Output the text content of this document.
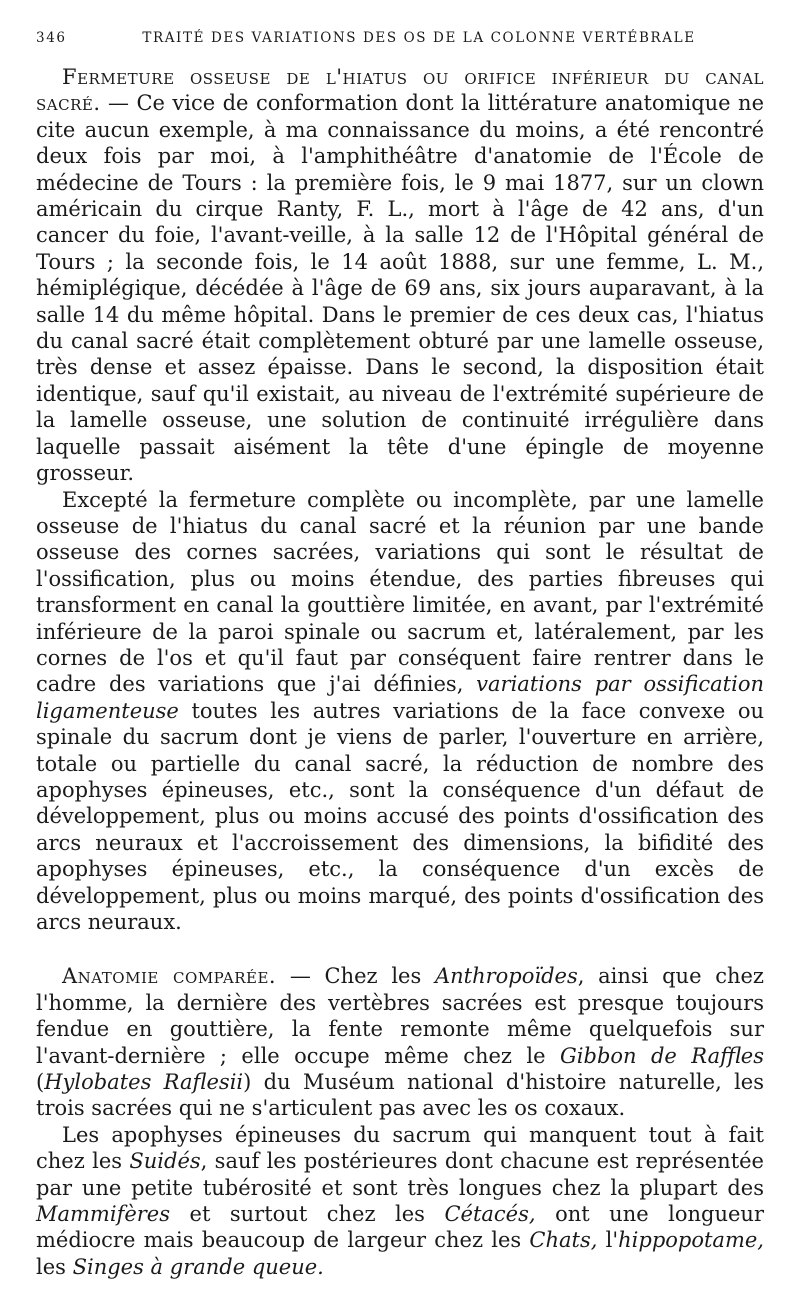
346	TRAITÉ DES VARIATIONS DES OS DE LA COLONNE VERTÉBRALE

Fermeture osseuse de l'hiatus ou orifice inférieur du canal sacré. — Ce vice de conformation dont la littérature anatomique ne cite aucun exemple, à ma connaissance du moins, a été rencontré deux fois par moi, à l'amphithéâtre d'anatomie de l'École de médecine de Tours : la première fois, le 9 mai 1877, sur un clown américain du cirque Ranty, F. L., mort à l'âge de 42 ans, d'un cancer du foie, l'avant-veille, à la salle 12 de l'Hôpital général de Tours ; la seconde fois, le 14 août 1888, sur une femme, L. M., hémiplégique, décédée à l'âge de 69 ans, six jours auparavant, à la salle 14 du même hôpital. Dans le premier de ces deux cas, l'hiatus du canal sacré était complètement obturé par une lamelle osseuse, très dense et assez épaisse. Dans le second, la disposition était identique, sauf qu'il existait, au niveau de l'extrémité supérieure de la lamelle osseuse, une solution de continuité irrégulière dans laquelle passait aisément la tête d'une épingle de moyenne grosseur.

Excepté la fermeture complète ou incomplète, par une lamelle osseuse de l'hiatus du canal sacré et la réunion par une bande osseuse des cornes sacrées, variations qui sont le résultat de l'ossification, plus ou moins étendue, des parties fibreuses qui transforment en canal la gouttière limitée, en avant, par l'extrémité inférieure de la paroi spinale ou sacrum et, latéralement, par les cornes de l'os et qu'il faut par conséquent faire rentrer dans le cadre des variations que j'ai définies, variations par ossification ligamenteuse toutes les autres variations de la face convexe ou spinale du sacrum dont je viens de parler, l'ouverture en arrière, totale ou partielle du canal sacré, la réduction de nombre des apophyses épineuses, etc., sont la conséquence d'un défaut de développement, plus ou moins accusé des points d'ossification des arcs neuraux et l'accroissement des dimensions, la bifidité des apophyses épineuses, etc., la conséquence d'un excès de développement, plus ou moins marqué, des points d'ossification des arcs neuraux.

Anatomie comparée. — Chez les Anthropoïdes, ainsi que chez l'homme, la dernière des vertèbres sacrées est presque toujours fendue en gouttière, la fente remonte même quelquefois sur l'avant-dernière ; elle occupe même chez le Gibbon de Raffles (Hylobates Raflesii) du Muséum national d'histoire naturelle, les trois sacrées qui ne s'articulent pas avec les os coxaux.

Les apophyses épineuses du sacrum qui manquent tout à fait chez les Suidés, sauf les postérieures dont chacune est représentée par une petite tubérosité et sont très longues chez la plupart des Mammifères et surtout chez les Cétacés, ont une longueur médiocre mais beaucoup de largeur chez les Chats, l'hippopotame, les Singes à grande queue.
